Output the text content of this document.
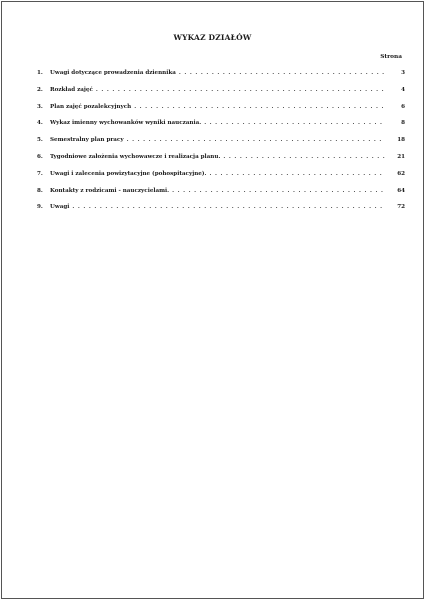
WYKAZ DZIAŁÓW
Strona
1.	Uwagi dotyczące prowadzenia dziennika . . .	3
2.	Rozkład zajęć . . .	4
3.	Plan zajęć pozalekcyjnych . . .	6
4.	Wykaz imienny wychowanków wyniki nauczania. . . .	8
5.	Semestralny plan pracy . . .	18
6.	Tygodniowe założenia wychowawcze i realizacja planu. . . .	21
7.	Uwagi i zalecenia powizytacyjne (pohospitacyjne). . . .	62
8.	Kontakty z rodzicami - nauczycielami. . . .	64
9.	Uwagi . . .	72
